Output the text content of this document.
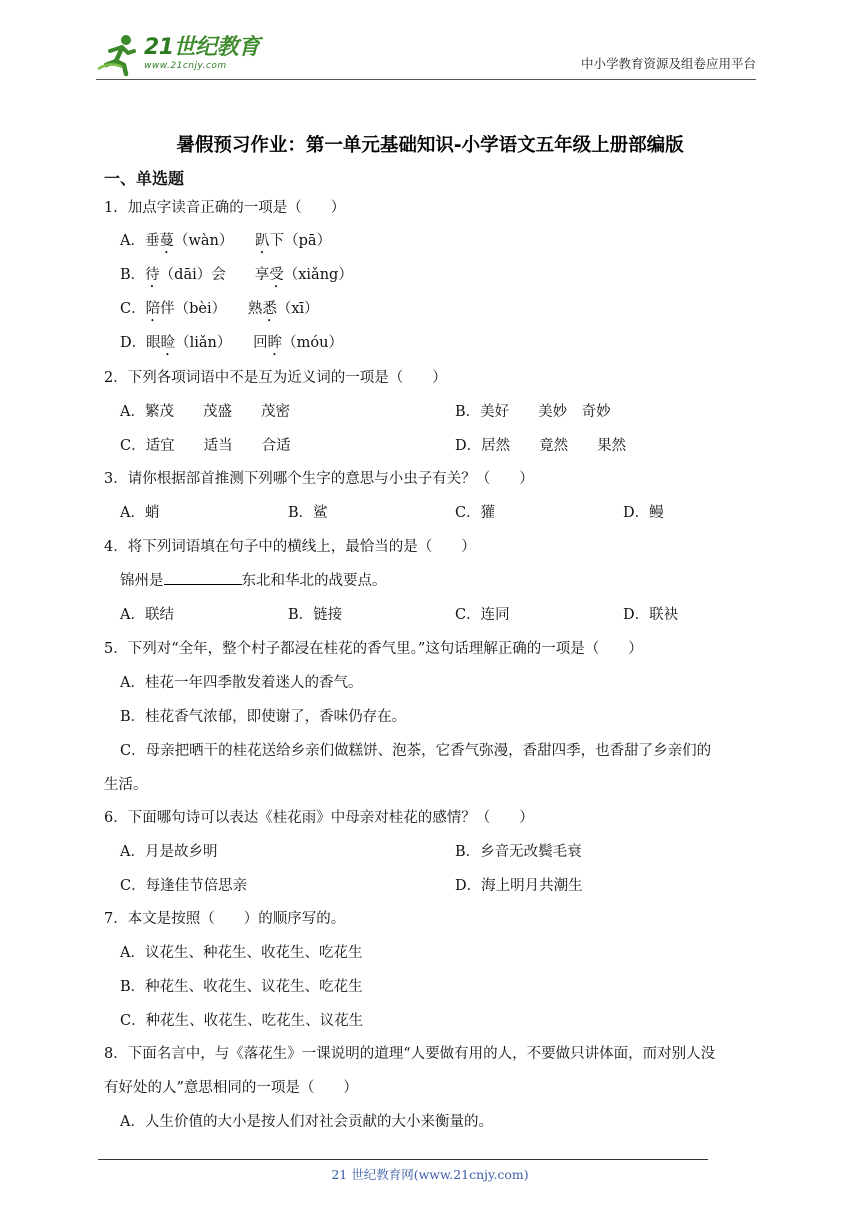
21世纪教育
www.21cnjy.com	中小学教育资源及组卷应用平台
暑假预习作业：第一单元基础知识-小学语文五年级上册部编版
一、单选题
1．加点字读音正确的一项是（　　）
A．垂蔓（wàn）　　趴下（pā）
B．待（dāi）会　　享受（xiǎng）
C．陪伴（bèi）　　熟悉（xī）
D．眼睑（liǎn）　　回眸（móu）
2．下列各项词语中不是互为近义词的一项是（　　）
A．繁茂　　茂盛　　茂密	B．美好　　美妙　奇妙
C．适宜　　适当　　合适	D．居然　　竟然　　果然
3．请你根据部首推测下列哪个生字的意思与小虫子有关？（　　）
A．蛸	B．鲨	C．獾	D．鳗
4．将下列词语填在句子中的横线上，最恰当的是（　　）
锦州是	东北和华北的战要点。
A．联结	B．链接	C．连同	D．联袂
5．下列对“全年，整个村子都浸在桂花的香气里。”这句话理解正确的一项是（　　）
A．桂花一年四季散发着迷人的香气。
B．桂花香气浓郁，即使谢了，香味仍存在。
C．母亲把晒干的桂花送给乡亲们做糕饼、泡茶，它香气弥漫，香甜四季，也香甜了乡亲们的
生活。
6．下面哪句诗可以表达《桂花雨》中母亲对桂花的感情？（　　）
A．月是故乡明	B．乡音无改鬓毛衰
C．每逢佳节倍思亲	D．海上明月共潮生
7．本文是按照（　　）的顺序写的。
A．议花生、种花生、收花生、吃花生
B．种花生、收花生、议花生、吃花生
C．种花生、收花生、吃花生、议花生
8．下面名言中，与《落花生》一课说明的道理“人要做有用的人，不要做只讲体面，而对别人没
有好处的人”意思相同的一项是（　　）
A．人生价值的大小是按人们对社会贡献的大小来衡量的。
21 世纪教育网(www.21cnjy.com)
